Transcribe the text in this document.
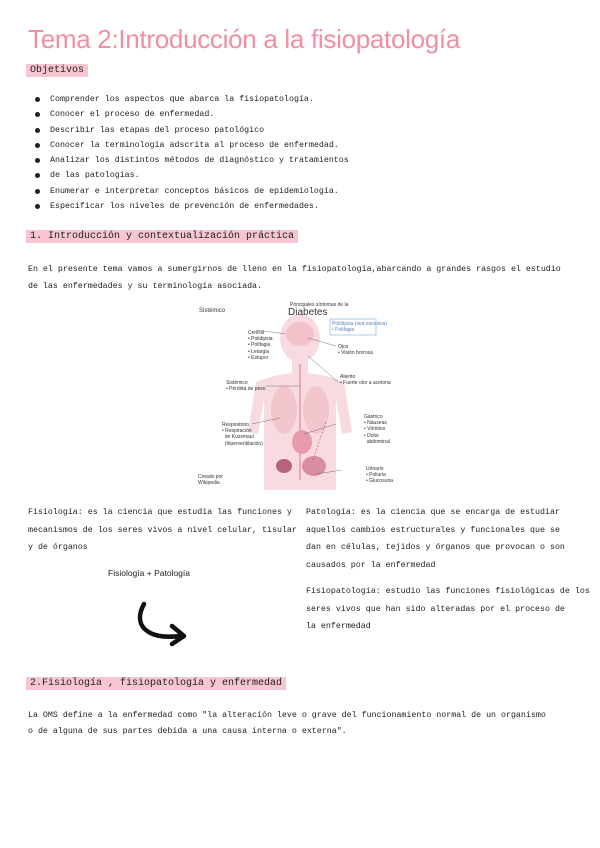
Tema 2:Introducción a la fisiopatología
Objetivos
Comprender los aspectos que abarca la fisiopatología.
Conocer el proceso de enfermedad.
Describir las etapas del proceso patológico
Conocer la terminología adscrita al proceso de enfermedad.
Analizar los distintos métodos de diagnóstico y tratamientos
de las patologías.
Enumerar e interpretar conceptos básicos de epidemiología.
Especificar los niveles de prevención de enfermedades.
1. Introducción y contextualización práctica
En el presente tema vamos a sumergirnos de lleno en la fisiopatología,abarcando a grandes rasgos el estudio
de las enfermedades y su terminología asociada.
Principales síntomas de la
Diabetes
Sistémico
Creado por
Wikipedia
Polidipsia (sed excesiva)
• Polifagia
Central
• Polidipsia
• Polifagia
• Letargia
• Estupor
Ojos
• Visión borrosa
Aliento
• Fuerte olor a acetona
Sistémico
• Pérdida de peso
Respiratorio
• Respiración
de Kussmaul
(hiperventilación)
Gástrico
• Náuseas
• Vómitos
• Dolor
abdominal
Urinario
• Poliuria
• Glucosuria
Fisiología: es la ciencia que estudia las funciones y
mecanismos de los seres vivos a nivel celular, tisular
y de órganos
Patología: es la ciencia que se encarga de estudiar
aquellos cambios estructurales y funcionales que se
dan en células, tejidos y órganos que provocan o son
causados por la enfermedad
Fisiopatología: estudio las funciones fisiológicas de los
seres vivos que han sido alteradas por el proceso de
la enfermedad
Fisiología + Patología
2.Fisiología , fisiopatología y enfermedad
La OMS define a la enfermedad como "la alteración leve o grave del funcionamiento normal de un organismo
o de alguna de sus partes debida a una causa interna o externa".
